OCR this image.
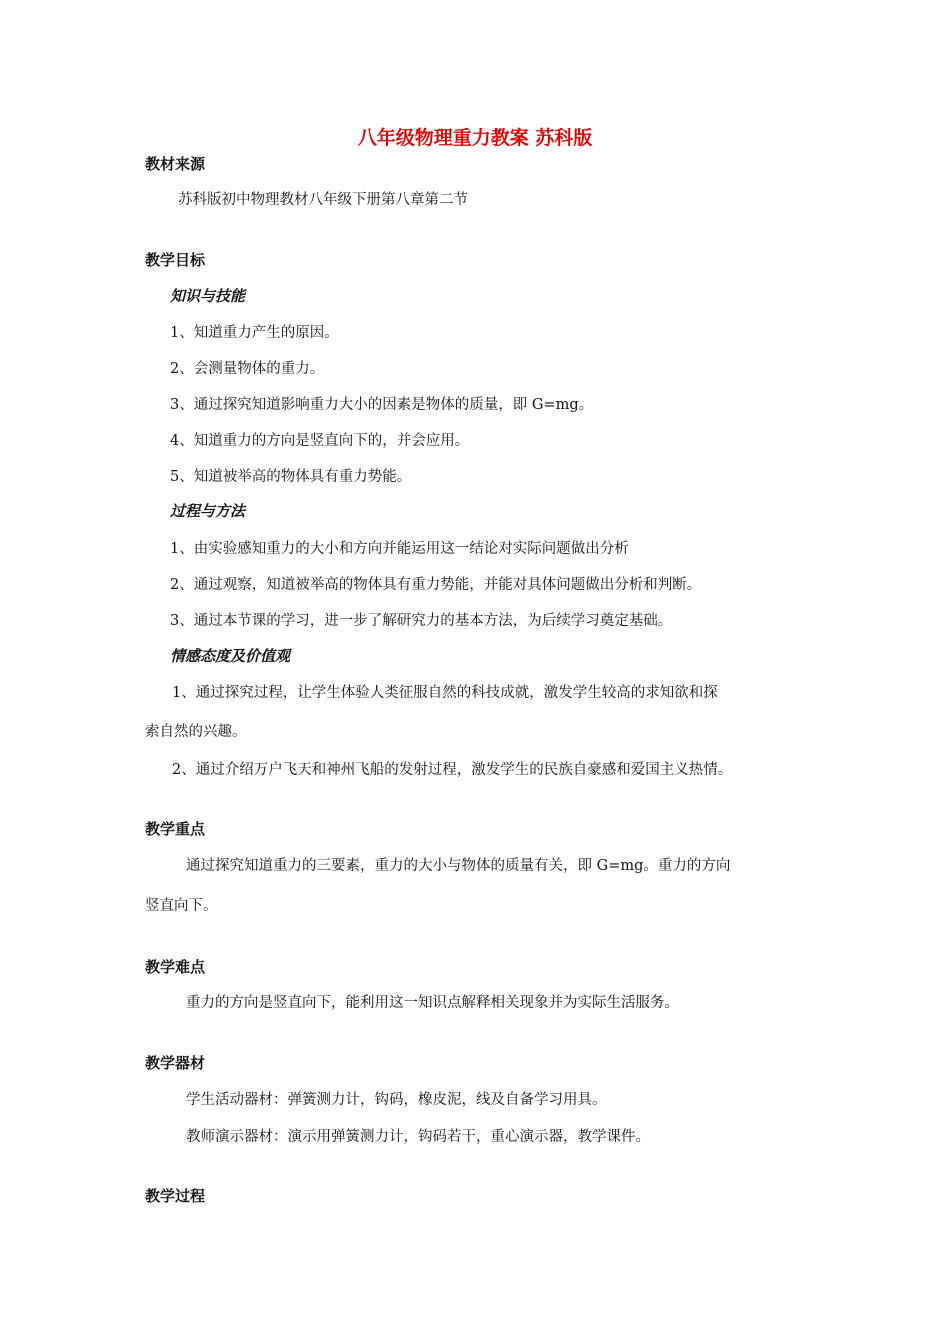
八年级物理重力教案 苏科版
教材来源
苏科版初中物理教材八年级下册第八章第二节
教学目标
知识与技能
1、知道重力产生的原因。
2、会测量物体的重力。
3、通过探究知道影响重力大小的因素是物体的质量，即 G=mg。
4、知道重力的方向是竖直向下的，并会应用。
5、知道被举高的物体具有重力势能。
过程与方法
1、由实验感知重力的大小和方向并能运用这一结论对实际问题做出分析
2、通过观察，知道被举高的物体具有重力势能，并能对具体问题做出分析和判断。
3、通过本节课的学习，进一步了解研究力的基本方法，为后续学习奠定基础。
情感态度及价值观
1、通过探究过程，让学生体验人类征服自然的科技成就，激发学生较高的求知欲和探
索自然的兴趣。
2、通过介绍万户飞天和神州飞船的发射过程，激发学生的民族自豪感和爱国主义热情。
教学重点
通过探究知道重力的三要素，重力的大小与物体的质量有关，即 G=mg。重力的方向
竖直向下。
教学难点
重力的方向是竖直向下，能利用这一知识点解释相关现象并为实际生活服务。
教学器材
学生活动器材：弹簧测力计，钩码，橡皮泥，线及自备学习用具。
教师演示器材：演示用弹簧测力计，钩码若干，重心演示器，教学课件。
教学过程
